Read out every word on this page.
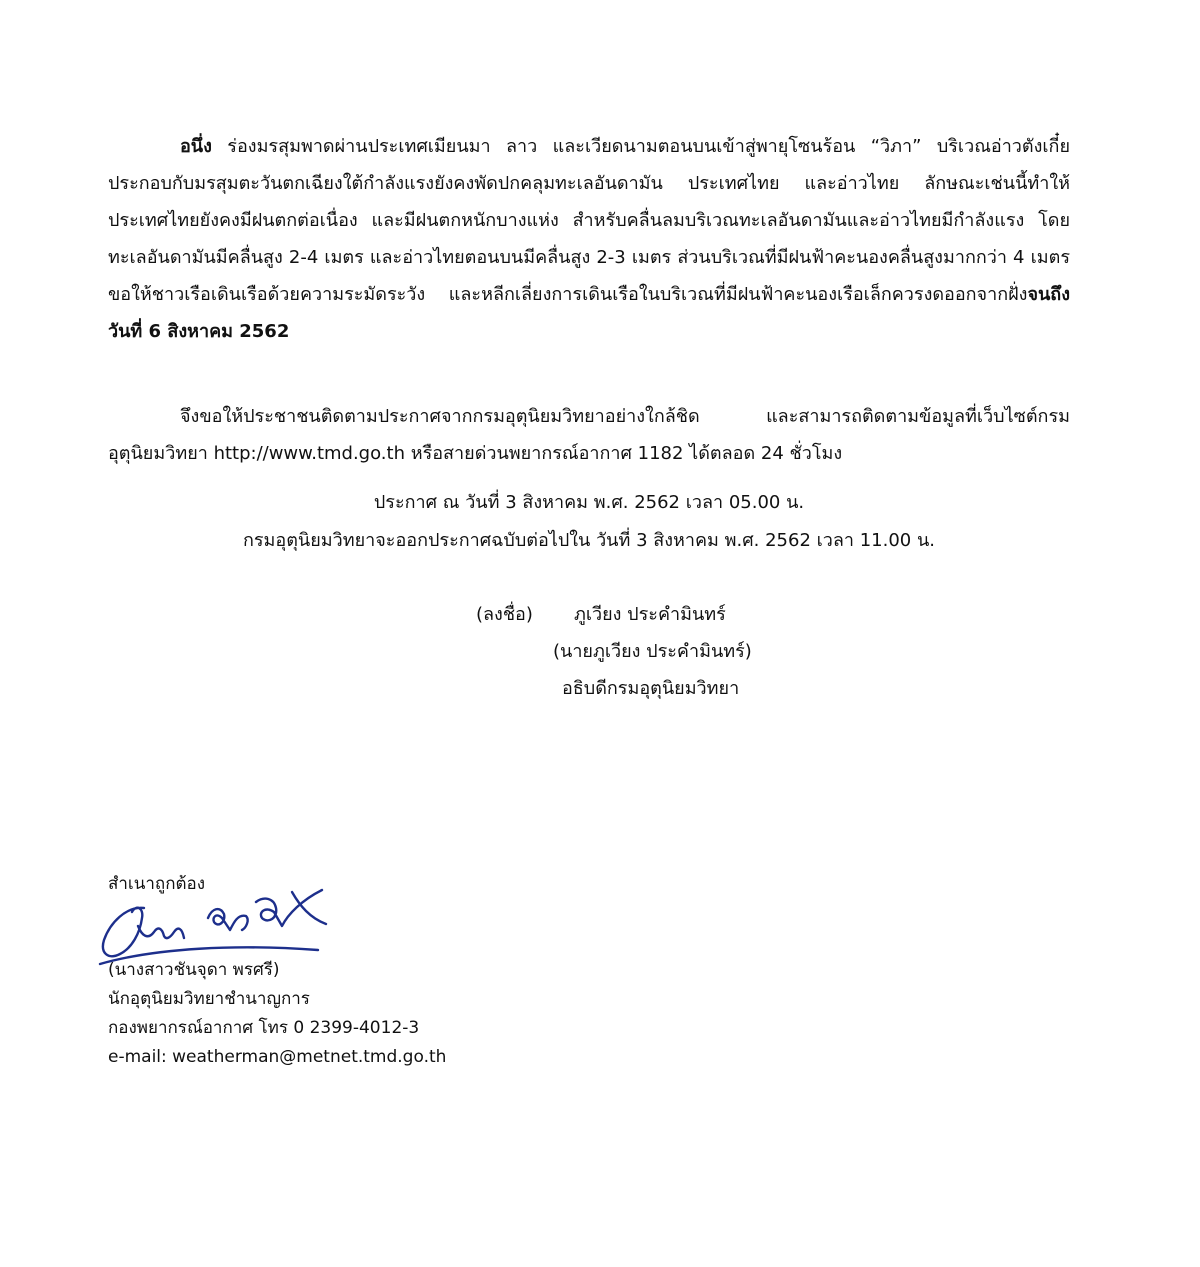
อนึ่ง ร่องมรสุมพาดผ่านประเทศเมียนมา ลาว และเวียดนามตอนบนเข้าสู่พายุโซนร้อน “วิภา” บริเวณอ่าวตังเกี๋ย ประกอบกับมรสุมตะวันตกเฉียงใต้กำลังแรงยังคงพัดปกคลุมทะเลอันดามัน ประเทศไทย และอ่าวไทย ลักษณะเช่นนี้ทำให้ประเทศไทยยังคงมีฝนตกต่อเนื่อง และมีฝนตกหนักบางแห่ง สำหรับคลื่นลมบริเวณทะเลอันดามันและอ่าวไทยมีกำลังแรง โดยทะเลอันดามันมีคลื่นสูง 2-4 เมตร และอ่าวไทยตอนบนมีคลื่นสูง 2-3 เมตร ส่วนบริเวณที่มีฝนฟ้าคะนองคลื่นสูงมากกว่า 4 เมตร ขอให้ชาวเรือเดินเรือด้วยความระมัดระวัง และหลีกเลี่ยงการเดินเรือในบริเวณที่มีฝนฟ้าคะนองเรือเล็กควรงดออกจากฝั่งจนถึงวันที่ 6 สิงหาคม 2562

จึงขอให้ประชาชนติดตามประกาศจากกรมอุตุนิยมวิทยาอย่างใกล้ชิด และสามารถติดตามข้อมูลที่เว็บไซต์กรมอุตุนิยมวิทยา http://www.tmd.go.th หรือสายด่วนพยากรณ์อากาศ 1182 ได้ตลอด 24 ชั่วโมง

ประกาศ ณ วันที่ 3 สิงหาคม พ.ศ. 2562 เวลา 05.00 น.

กรมอุตุนิยมวิทยาจะออกประกาศฉบับต่อไปใน วันที่ 3 สิงหาคม พ.ศ. 2562 เวลา 11.00 น.

(ลงชื่อ) ภูเวียง ประคำมินทร์
(นายภูเวียง ประคำมินทร์)
อธิบดีกรมอุตุนิยมวิทยา
สำเนาถูกต้อง
(นางสาวชันจุดา พรศรี)
นักอุตุนิยมวิทยาชำนาญการ
กองพยากรณ์อากาศ โทร 0 2399-4012-3
e-mail: weatherman@metnet.tmd.go.th
